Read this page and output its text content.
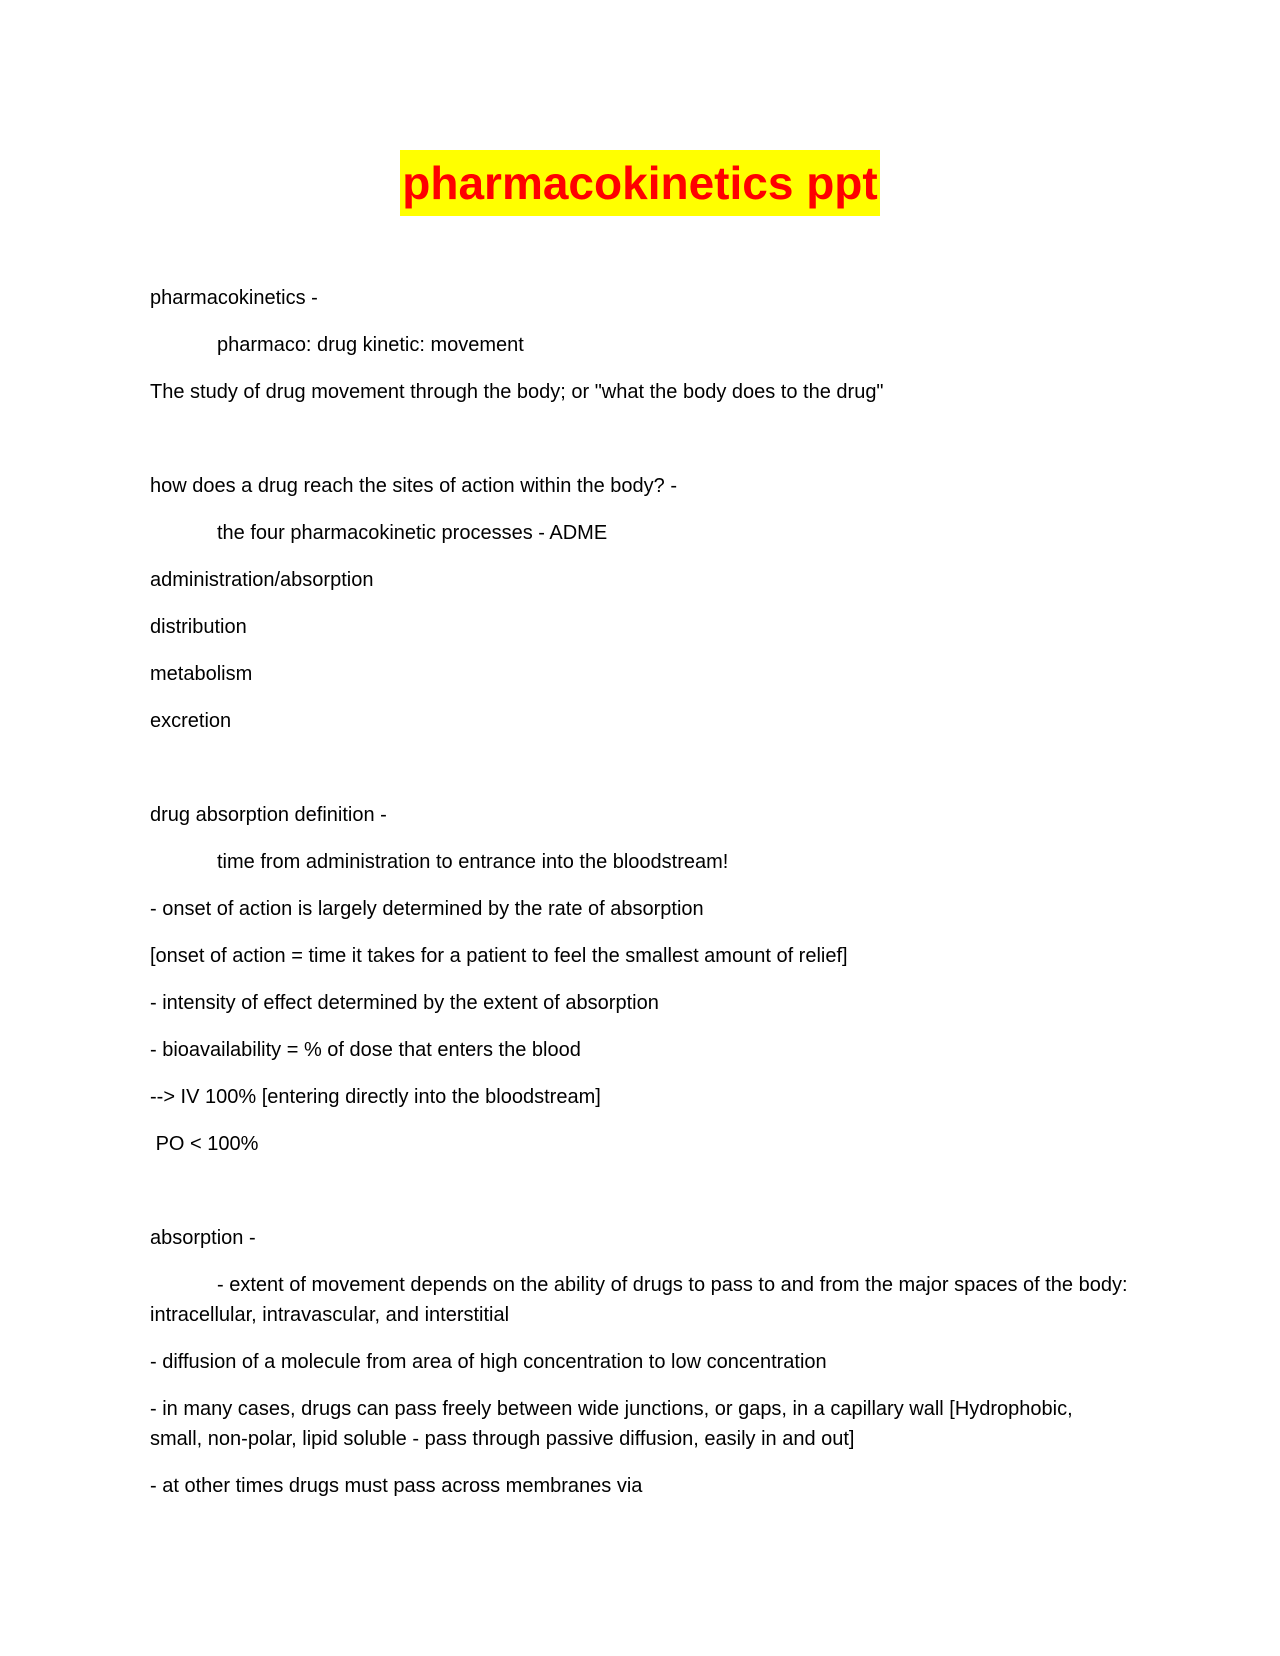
pharmacokinetics ppt
pharmacokinetics -
pharmaco: drug kinetic: movement
The study of drug movement through the body; or "what the body does to the drug"
how does a drug reach the sites of action within the body? -
the four pharmacokinetic processes - ADME
administration/absorption
distribution
metabolism
excretion
drug absorption definition -
time from administration to entrance into the bloodstream!
- onset of action is largely determined by the rate of absorption
[onset of action = time it takes for a patient to feel the smallest amount of relief]
- intensity of effect determined by the extent of absorption
- bioavailability = % of dose that enters the blood
--> IV 100% [entering directly into the bloodstream]
PO < 100%
absorption -
- extent of movement depends on the ability of drugs to pass to and from the major spaces of the body: intracellular, intravascular, and interstitial
- diffusion of a molecule from area of high concentration to low concentration
- in many cases, drugs can pass freely between wide junctions, or gaps, in a capillary wall [Hydrophobic, small, non-polar, lipid soluble - pass through passive diffusion, easily in and out]
- at other times drugs must pass across membranes via
